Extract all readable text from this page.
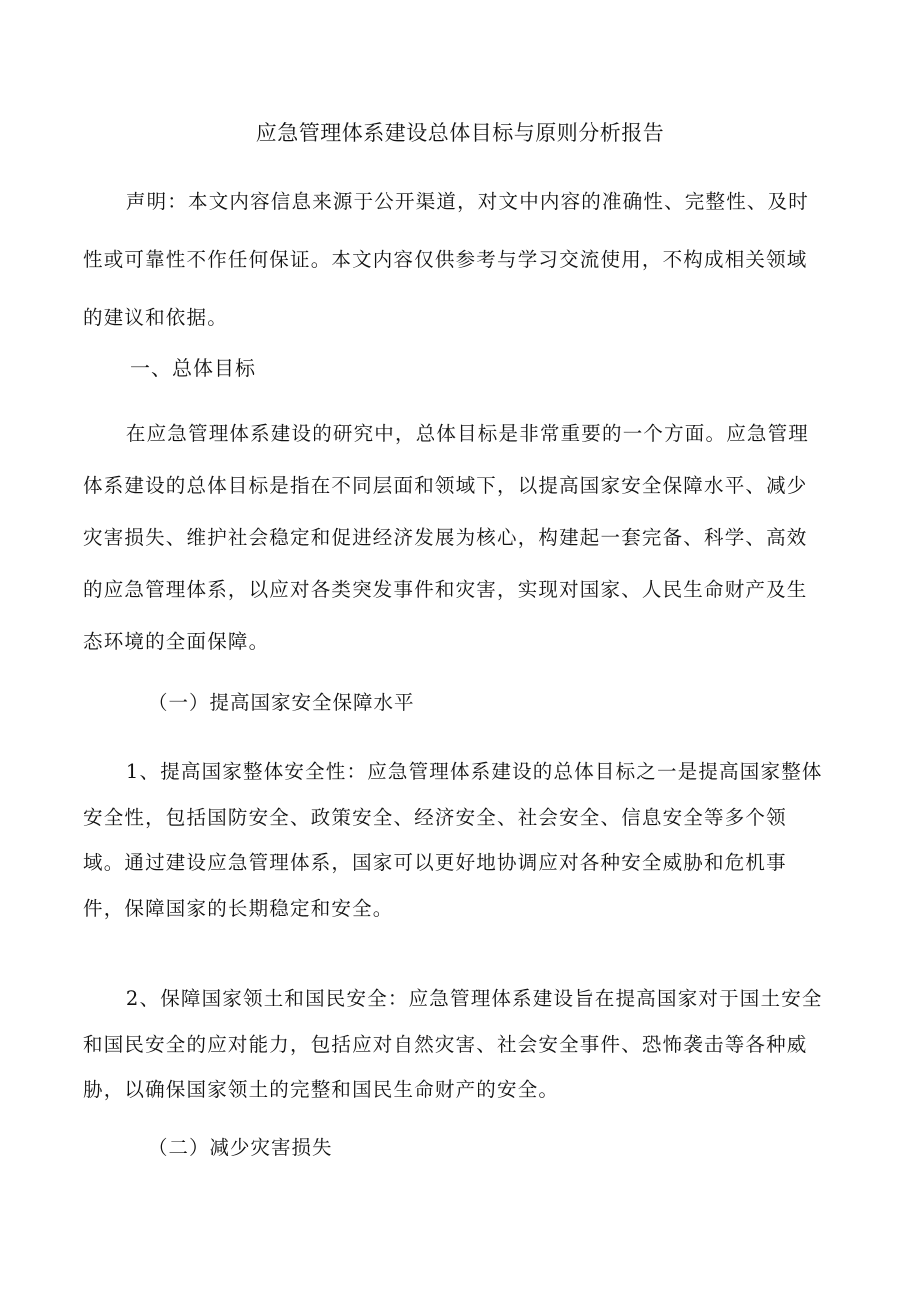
应急管理体系建设总体目标与原则分析报告

声明：本文内容信息来源于公开渠道，对文中内容的准确性、完整性、及时性或可靠性不作任何保证。本文内容仅供参考与学习交流使用，不构成相关领域的建议和依据。

一、总体目标

在应急管理体系建设的研究中，总体目标是非常重要的一个方面。应急管理体系建设的总体目标是指在不同层面和领域下，以提高国家安全保障水平、减少灾害损失、维护社会稳定和促进经济发展为核心，构建起一套完备、科学、高效的应急管理体系，以应对各类突发事件和灾害，实现对国家、人民生命财产及生态环境的全面保障。

（一）提高国家安全保障水平

1、提高国家整体安全性：应急管理体系建设的总体目标之一是提高国家整体安全性，包括国防安全、政策安全、经济安全、社会安全、信息安全等多个领域。通过建设应急管理体系，国家可以更好地协调应对各种安全威胁和危机事件，保障国家的长期稳定和安全。

2、保障国家领土和国民安全：应急管理体系建设旨在提高国家对于国土安全和国民安全的应对能力，包括应对自然灾害、社会安全事件、恐怖袭击等各种威胁，以确保国家领土的完整和国民生命财产的安全。

（二）减少灾害损失
